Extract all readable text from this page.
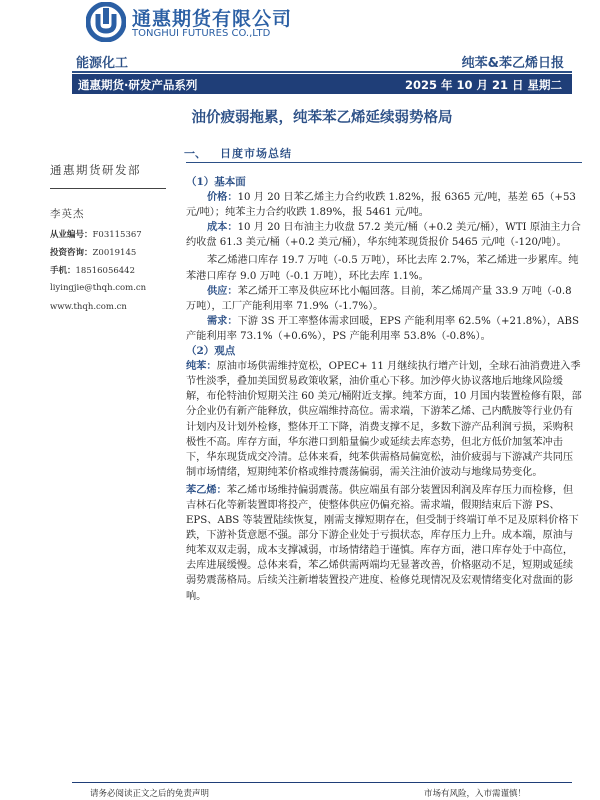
通惠期货有限公司
TONGHUI FUTURES CO.,LTD
能源化工	纯苯&苯乙烯日报
通惠期货·研发产品系列	2025 年 10 月 21 日 星期二
油价疲弱拖累，纯苯苯乙烯延续弱势格局
一、 日度市场总结
通惠期货研发部
李英杰
从业编号：F03115367
投资咨询：Z0019145
手机：18516056442
liyingjie@thqh.com.cn
www.thqh.com.cn

（1）基本面

价格：10 月 20 日苯乙烯主力合约收跌 1.82%，报 6365 元/吨，基差 65（+53 元/吨）；纯苯主力合约收跌 1.89%，报 5461 元/吨。

成本：10 月 20 日布油主力收盘 57.2 美元/桶（+0.2 美元/桶），WTI 原油主力合约收盘 61.3 美元/桶（+0.2 美元/桶），华东纯苯现货报价 5465 元/吨（-120/吨）。

苯乙烯港口库存 19.7 万吨（-0.5 万吨），环比去库 2.7%，苯乙烯进一步累库。纯苯港口库存 9.0 万吨（-0.1 万吨），环比去库 1.1%。

供应：苯乙烯开工率及供应环比小幅回落。目前，苯乙烯周产量 33.9 万吨（-0.8 万吨），工厂产能利用率 71.9%（-1.7%）。

需求：下游 3S 开工率整体需求回暖，EPS 产能利用率 62.5%（+21.8%），ABS 产能利用率 73.1%（+0.6%），PS 产能利用率 53.8%（-0.8%）。

（2）观点

纯苯：原油市场供需维持宽松，OPEC+ 11 月继续执行增产计划，全球石油消费进入季节性淡季，叠加美国贸易政策收紧，油价重心下移。加沙停火协议落地后地缘风险缓解，布伦特油价短期关注 60 美元/桶附近支撑。纯苯方面，10 月国内装置检修有限，部分企业仍有新产能释放，供应端维持高位。需求端，下游苯乙烯、己内酰胺等行业仍有计划内及计划外检修，整体开工下降，消费支撑不足，多数下游产品利润亏损，采购积极性不高。库存方面，华东港口到船量偏少或延续去库态势，但北方低价加氢苯冲击下，华东现货成交冷清。总体来看，纯苯供需格局偏宽松，油价疲弱与下游减产共同压制市场情绪，短期纯苯价格或维持震荡偏弱，需关注油价波动与地缘局势变化。

苯乙烯：苯乙烯市场维持偏弱震荡。供应端虽有部分装置因利润及库存压力而检修，但吉林石化等新装置即将投产，使整体供应仍偏充裕。需求端，假期结束后下游 PS、EPS、ABS 等装置陆续恢复，刚需支撑短期存在，但受制于终端订单不足及原料价格下跌，下游补货意愿不强。部分下游企业处于亏损状态，库存压力上升。成本端，原油与纯苯双双走弱，成本支撑减弱，市场情绪趋于谨慎。库存方面，港口库存处于中高位，去库进展缓慢。总体来看，苯乙烯供需两端均无显著改善，价格驱动不足，短期或延续弱势震荡格局。后续关注新增装置投产进度、检修兑现情况及宏观情绪变化对盘面的影响。

请务必阅读正文之后的免责声明	市场有风险，入市需谨慎！
